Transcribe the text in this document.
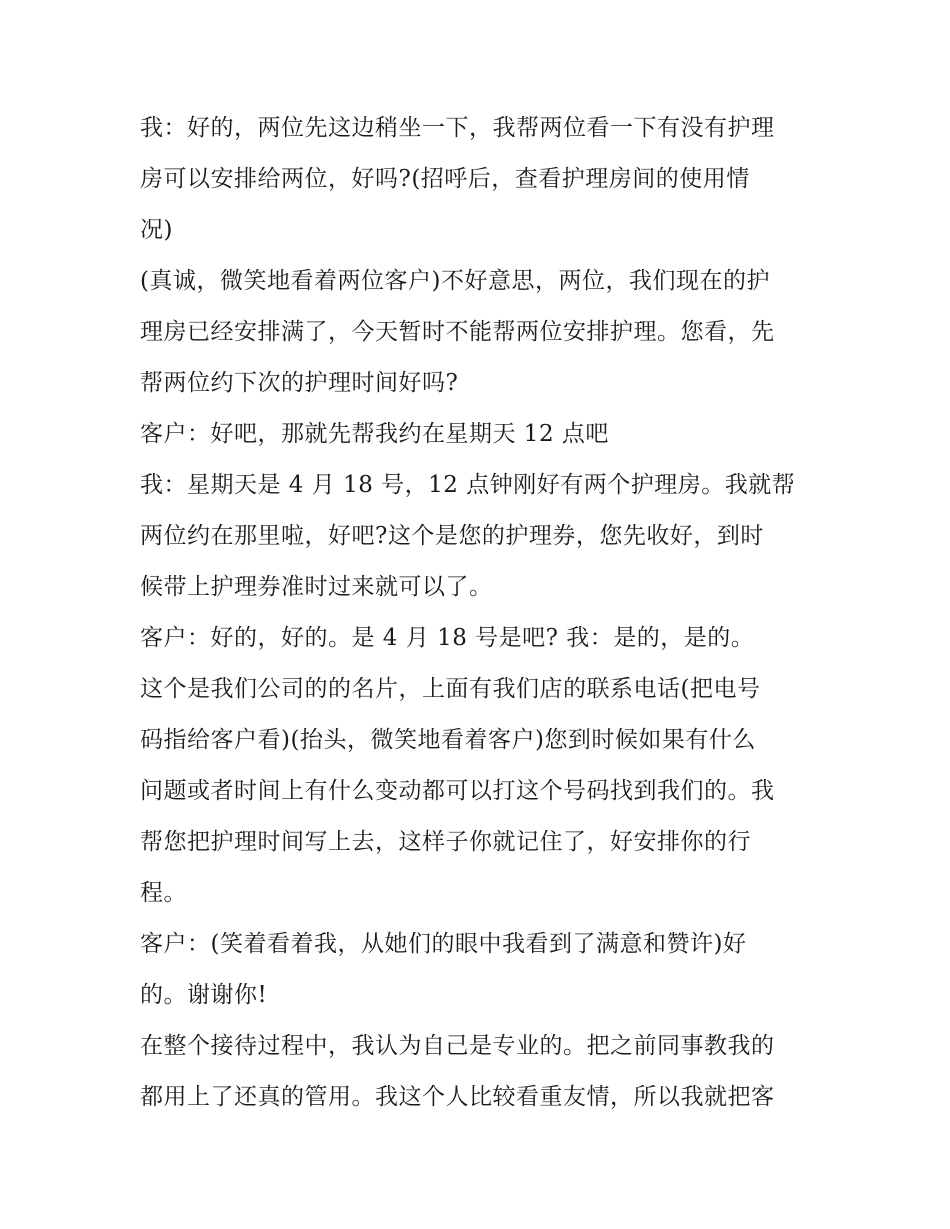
我：好的，两位先这边稍坐一下，我帮两位看一下有没有护理
房可以安排给两位，好吗?(招呼后，查看护理房间的使用情
况)
(真诚，微笑地看着两位客户)不好意思，两位，我们现在的护
理房已经安排满了，今天暂时不能帮两位安排护理。您看，先
帮两位约下次的护理时间好吗?
客户：好吧，那就先帮我约在星期天 12 点吧
我：星期天是 4 月 18 号，12 点钟刚好有两个护理房。我就帮
两位约在那里啦，好吧?这个是您的护理券，您先收好，到时
候带上护理券准时过来就可以了。
客户：好的，好的。是 4 月 18 号是吧? 我：是的，是的。
这个是我们公司的的名片，上面有我们店的联系电话(把电号
码指给客户看)(抬头，微笑地看着客户)您到时候如果有什么
问题或者时间上有什么变动都可以打这个号码找到我们的。我
帮您把护理时间写上去，这样子你就记住了，好安排你的行
程。
客户：(笑着看着我，从她们的眼中我看到了满意和赞许)好
的。谢谢你!
在整个接待过程中，我认为自己是专业的。把之前同事教我的
都用上了还真的管用。我这个人比较看重友情，所以我就把客
